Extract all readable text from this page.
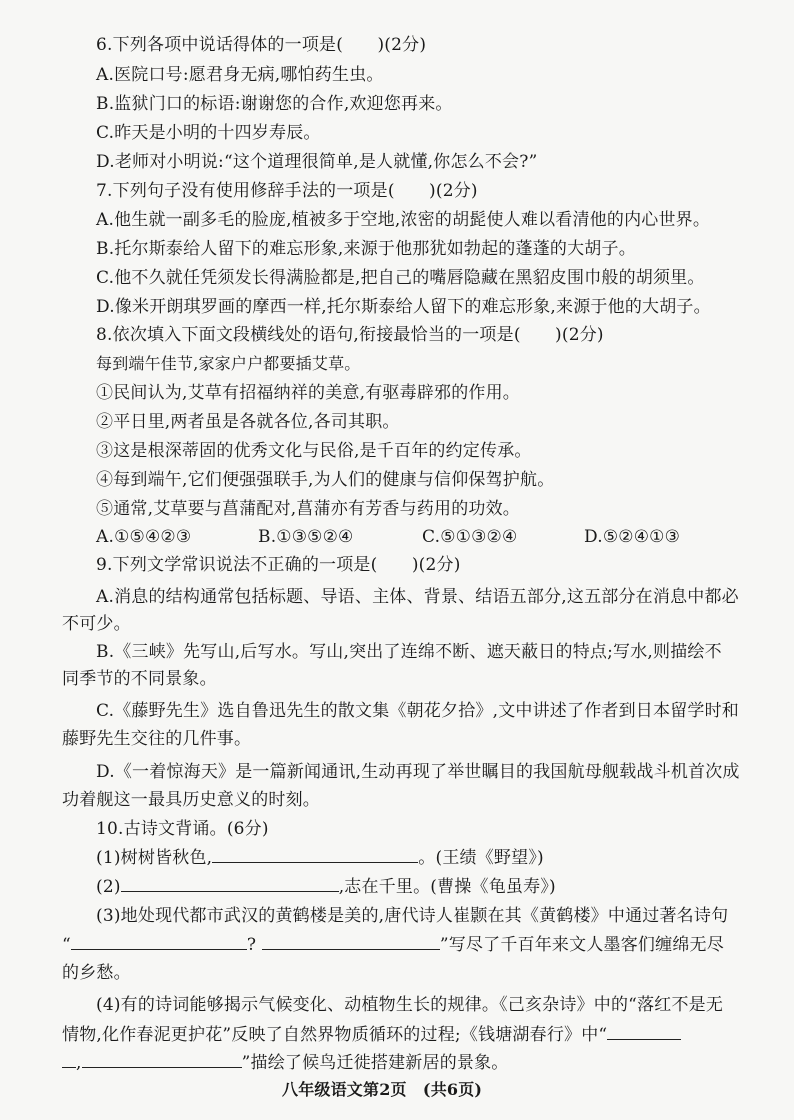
6.下列各项中说话得体的一项是(　　)(2分)
A.医院口号:愿君身无病,哪怕药生虫。
B.监狱门口的标语:谢谢您的合作,欢迎您再来。
C.昨天是小明的十四岁寿辰。
D.老师对小明说:“这个道理很简单,是人就懂,你怎么不会?”
7.下列句子没有使用修辞手法的一项是(　　)(2分)
A.他生就一副多毛的脸庞,植被多于空地,浓密的胡髭使人难以看清他的内心世界。
B.托尔斯泰给人留下的难忘形象,来源于他那犹如勃起的蓬蓬的大胡子。
C.他不久就任凭须发长得满脸都是,把自己的嘴唇隐藏在黑貂皮围巾般的胡须里。
D.像米开朗琪罗画的摩西一样,托尔斯泰给人留下的难忘形象,来源于他的大胡子。
8.依次填入下面文段横线处的语句,衔接最恰当的一项是(　　)(2分)
每到端午佳节,家家户户都要插艾草。
①民间认为,艾草有招福纳祥的美意,有驱毒辟邪的作用。
②平日里,两者虽是各就各位,各司其职。
③这是根深蒂固的优秀文化与民俗,是千百年的约定传承。
④每到端午,它们便强强联手,为人们的健康与信仰保驾护航。
⑤通常,艾草要与菖蒲配对,菖蒲亦有芳香与药用的功效。
A.①⑤④②③	B.①③⑤②④	C.⑤①③②④	D.⑤②④①③
9.下列文学常识说法不正确的一项是(　　)(2分)
A.消息的结构通常包括标题、导语、主体、背景、结语五部分,这五部分在消息中都必
不可少。
B.《三峡》先写山,后写水。写山,突出了连绵不断、遮天蔽日的特点;写水,则描绘不
同季节的不同景象。
C.《藤野先生》选自鲁迅先生的散文集《朝花夕拾》,文中讲述了作者到日本留学时和
藤野先生交往的几件事。
D.《一着惊海天》是一篇新闻通讯,生动再现了举世瞩目的我国航母舰载战斗机首次成
功着舰这一最具历史意义的时刻。
10.古诗文背诵。(6分)
(1)树树皆秋色,	。(王绩《野望》)
(2)	,志在千里。(曹操《龟虽寿》)
(3)地处现代都市武汉的黄鹤楼是美的,唐代诗人崔颢在其《黄鹤楼》中通过著名诗句
“	?	”写尽了千百年来文人墨客们缠绵无尽
的乡愁。
(4)有的诗词能够揭示气候变化、动植物生长的规律。《己亥杂诗》中的“落红不是无
情物,化作春泥更护花”反映了自然界物质循环的过程;《钱塘湖春行》中“
,	”描绘了候鸟迁徙搭建新居的景象。
八年级语文第2页　(共6页)
